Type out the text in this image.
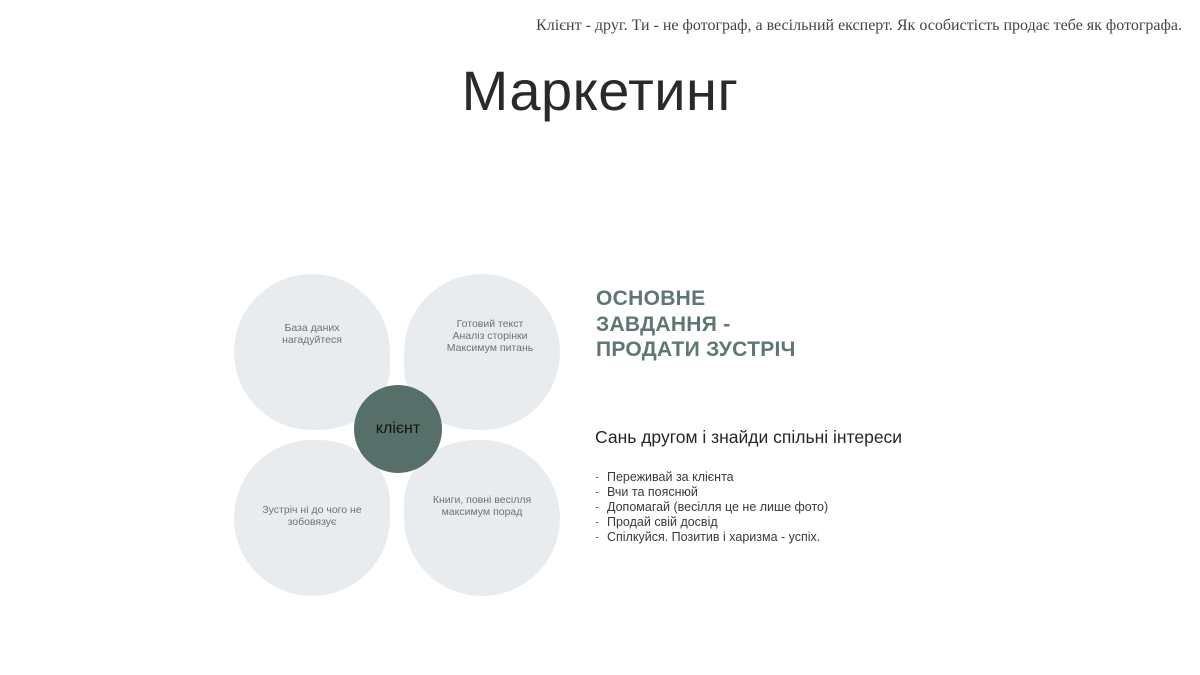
Клієнт - друг. Ти - не фотограф, а весільний експерт. Як особистість продає тебе як фотографа.
Маркетинг
База даних
нагадуйтеся
Готовий текст
Аналіз сторінки
Максимум питань
Зустріч ні до чого не
зобовязує
Книги, повні весілля
максимум порад
клієнт
ОСНОВНЕ
ЗАВДАННЯ -
ПРОДАТИ ЗУСТРІЧ
Сань другом і знайди спільні інтереси
- Переживай за клієнта
- Вчи та пояснюй
- Допомагай (весілля це не лише фото)
- Продай свій досвід
- Спілкуйся. Позитив і харизма - успіх.
